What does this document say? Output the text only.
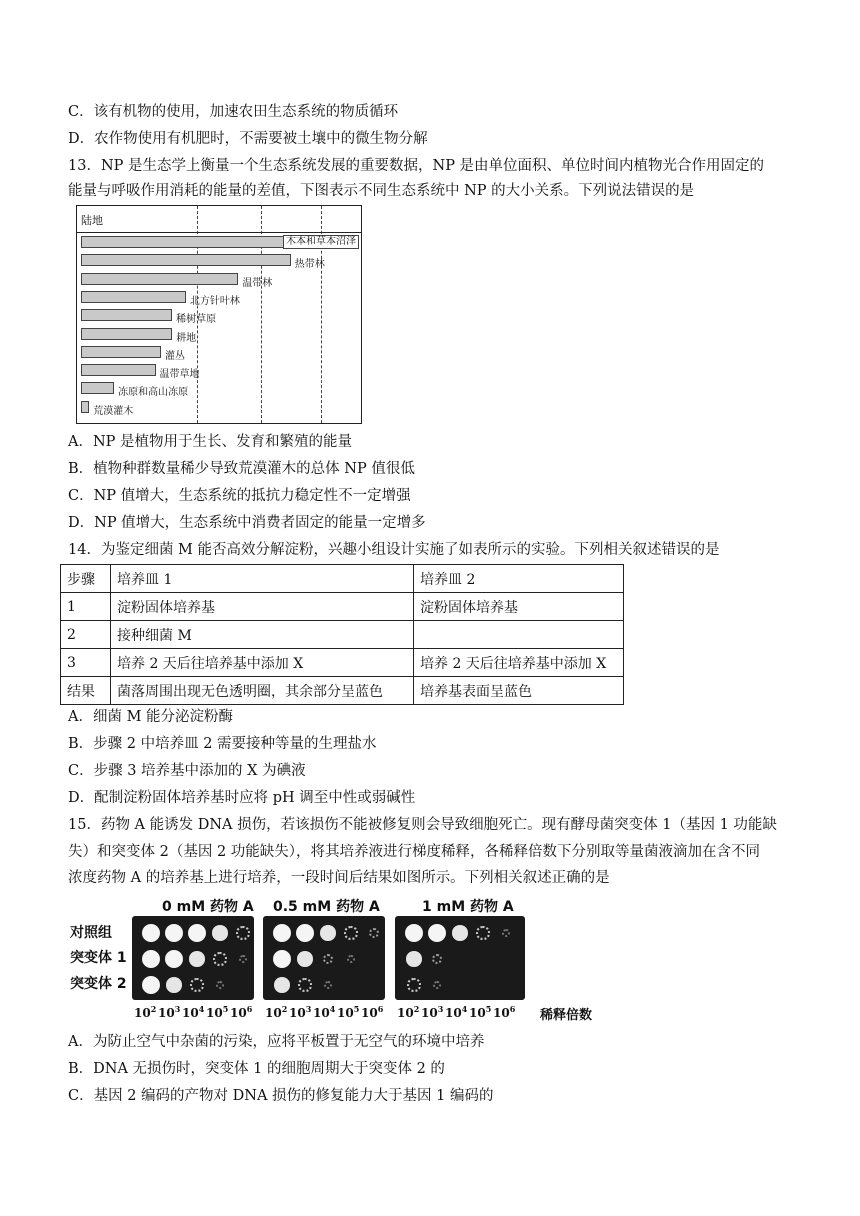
C．该有机物的使用，加速农田生态系统的物质循环
D．农作物使用有机肥时，不需要被土壤中的微生物分解
13．NP 是生态学上衡量一个生态系统发展的重要数据，NP 是由单位面积、单位时间内植物光合作用固定的
能量与呼吸作用消耗的能量的差值，下图表示不同生态系统中 NP 的大小关系。下列说法错误的是
陆地
木本和草本沼泽
热带林
温带林
北方针叶林
稀树草原
耕地
灌丛
温带草地
冻原和高山冻原
荒漠灌木
A．NP 是植物用于生长、发育和繁殖的能量
B．植物种群数量稀少导致荒漠灌木的总体 NP 值很低
C．NP 值增大，生态系统的抵抗力稳定性不一定增强
D．NP 值增大，生态系统中消费者固定的能量一定增多
14．为鉴定细菌 M 能否高效分解淀粉，兴趣小组设计实施了如表所示的实验。下列相关叙述错误的是
步骤	培养皿 1	培养皿 2
1	淀粉固体培养基	淀粉固体培养基
2	接种细菌 M	
3	培养 2 天后往培养基中添加 X	培养 2 天后往培养基中添加 X
结果	菌落周围出现无色透明圈，其余部分呈蓝色	培养基表面呈蓝色
A．细菌 M 能分泌淀粉酶
B．步骤 2 中培养皿 2 需要接种等量的生理盐水
C．步骤 3 培养基中添加的 X 为碘液
D．配制淀粉固体培养基时应将 pH 调至中性或弱碱性
15．药物 A 能诱发 DNA 损伤，若该损伤不能被修复则会导致细胞死亡。现有酵母菌突变体 1（基因 1 功能缺
失）和突变体 2（基因 2 功能缺失），将其培养液进行梯度稀释，各稀释倍数下分别取等量菌液滴加在含不同
浓度药物 A 的培养基上进行培养，一段时间后结果如图所示。下列相关叙述正确的是
0 mM 药物 A 0.5 mM 药物 A	1 mM 药物 A
对照组
突变体 1
突变体 2
$10^2$ $10^3$ $10^4$ $10^5$ $10^6$ $10^2$ $10^3$ $10^4$ $10^5$ $10^6$ $10^2$ $10^3$ $10^4$ $10^5$ $10^6$ 稀释倍数
A．为防止空气中杂菌的污染，应将平板置于无空气的环境中培养
B．DNA 无损伤时，突变体 1 的细胞周期大于突变体 2 的
C．基因 2 编码的产物对 DNA 损伤的修复能力大于基因 1 编码的
